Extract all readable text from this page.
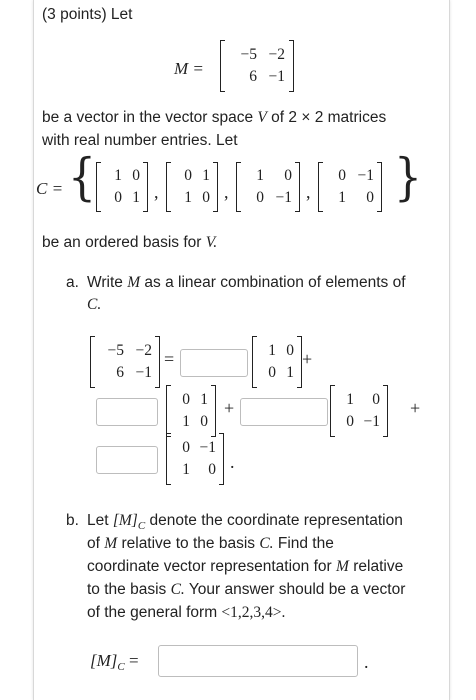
(3 points) Let
M =
−5 −2
6 −1
be a vector in the vector space V of 2 × 2 matrices
with real number entries. Let
C = {	1 0
0 1 ,
0 1
1 0 ,
1	0
0 −1 ,
0 −1
1	0 }
be an ordered basis for V.
a. Write M as a linear combination of elements of
C.
−5 −2
6 −1
=	1 0
0 1
+
0 1
1 0
+	1	0
0 −1
+
0 −1
1	0 .
b. Let $[M]_C$ denote the coordinate representation
of M relative to the basis C. Find the
coordinate vector representation for M relative
to the basis C. Your answer should be a vector
of the general form <1,2,3,4>.
$[M]_C$ =	.
